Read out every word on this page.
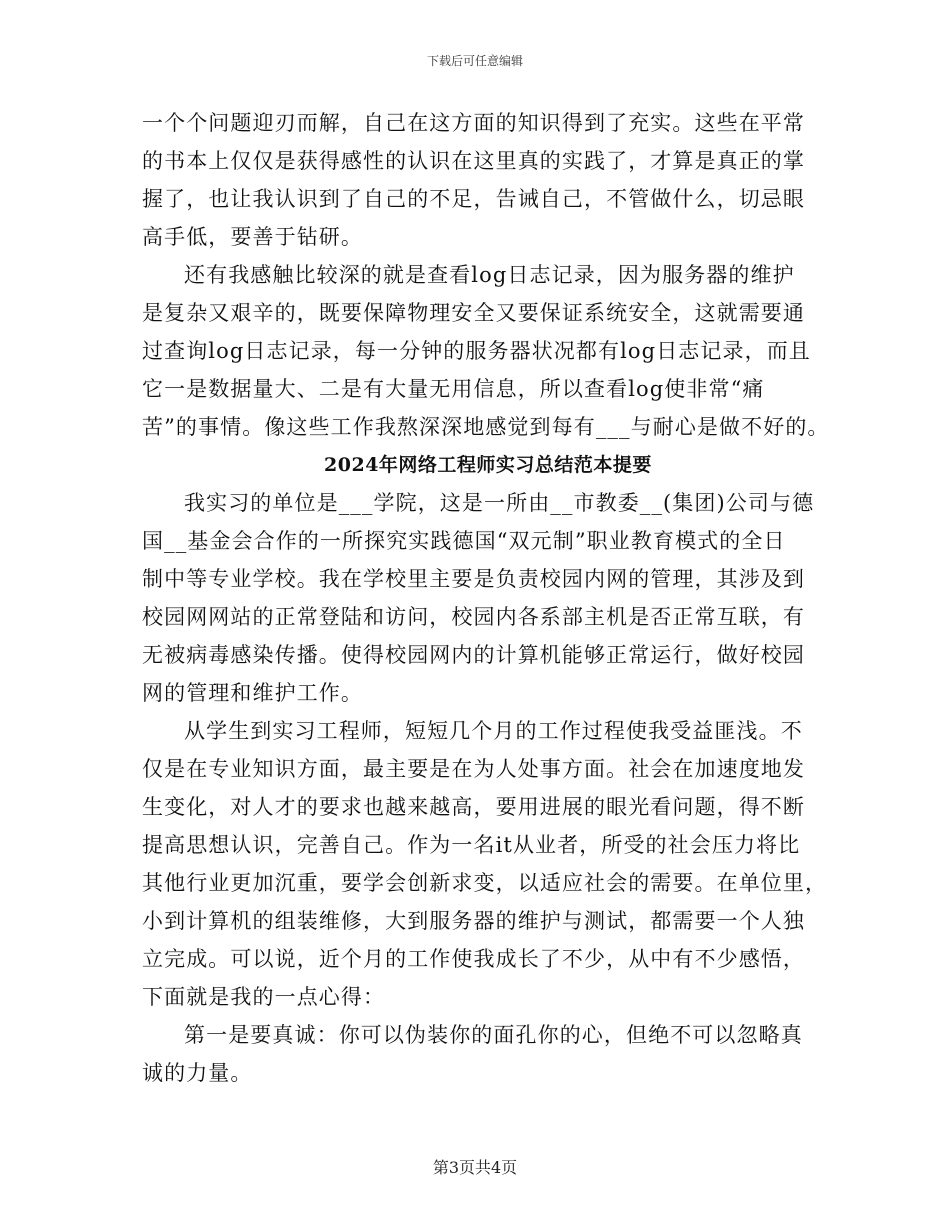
下载后可任意编辑
一个个问题迎刃而解，自己在这方面的知识得到了充实。这些在平常
的书本上仅仅是获得感性的认识在这里真的实践了，才算是真正的掌
握了，也让我认识到了自己的不足，告诫自己，不管做什么，切忌眼
高手低，要善于钻研。
还有我感触比较深的就是查看log日志记录，因为服务器的维护
是复杂又艰辛的，既要保障物理安全又要保证系统安全，这就需要通
过查询log日志记录，每一分钟的服务器状况都有log日志记录，而且
它一是数据量大、二是有大量无用信息，所以查看log使非常“痛
苦”的事情。像这些工作我熬深深地感觉到每有___与耐心是做不好的。
2024年网络工程师实习总结范本提要
我实习的单位是___学院，这是一所由__市教委__(集团)公司与德
国__基金会合作的一所探究实践德国“双元制”职业教育模式的全日
制中等专业学校。我在学校里主要是负责校园内网的管理，其涉及到
校园网网站的正常登陆和访问，校园内各系部主机是否正常互联，有
无被病毒感染传播。使得校园网内的计算机能够正常运行，做好校园
网的管理和维护工作。
从学生到实习工程师，短短几个月的工作过程使我受益匪浅。不
仅是在专业知识方面，最主要是在为人处事方面。社会在加速度地发
生变化，对人才的要求也越来越高，要用进展的眼光看问题，得不断
提高思想认识，完善自己。作为一名it从业者，所受的社会压力将比
其他行业更加沉重，要学会创新求变，以适应社会的需要。在单位里，
小到计算机的组装维修，大到服务器的维护与测试，都需要一个人独
立完成。可以说，近个月的工作使我成长了不少，从中有不少感悟，
下面就是我的一点心得：
第一是要真诚：你可以伪装你的面孔你的心，但绝不可以忽略真
诚的力量。
第3页共4页
